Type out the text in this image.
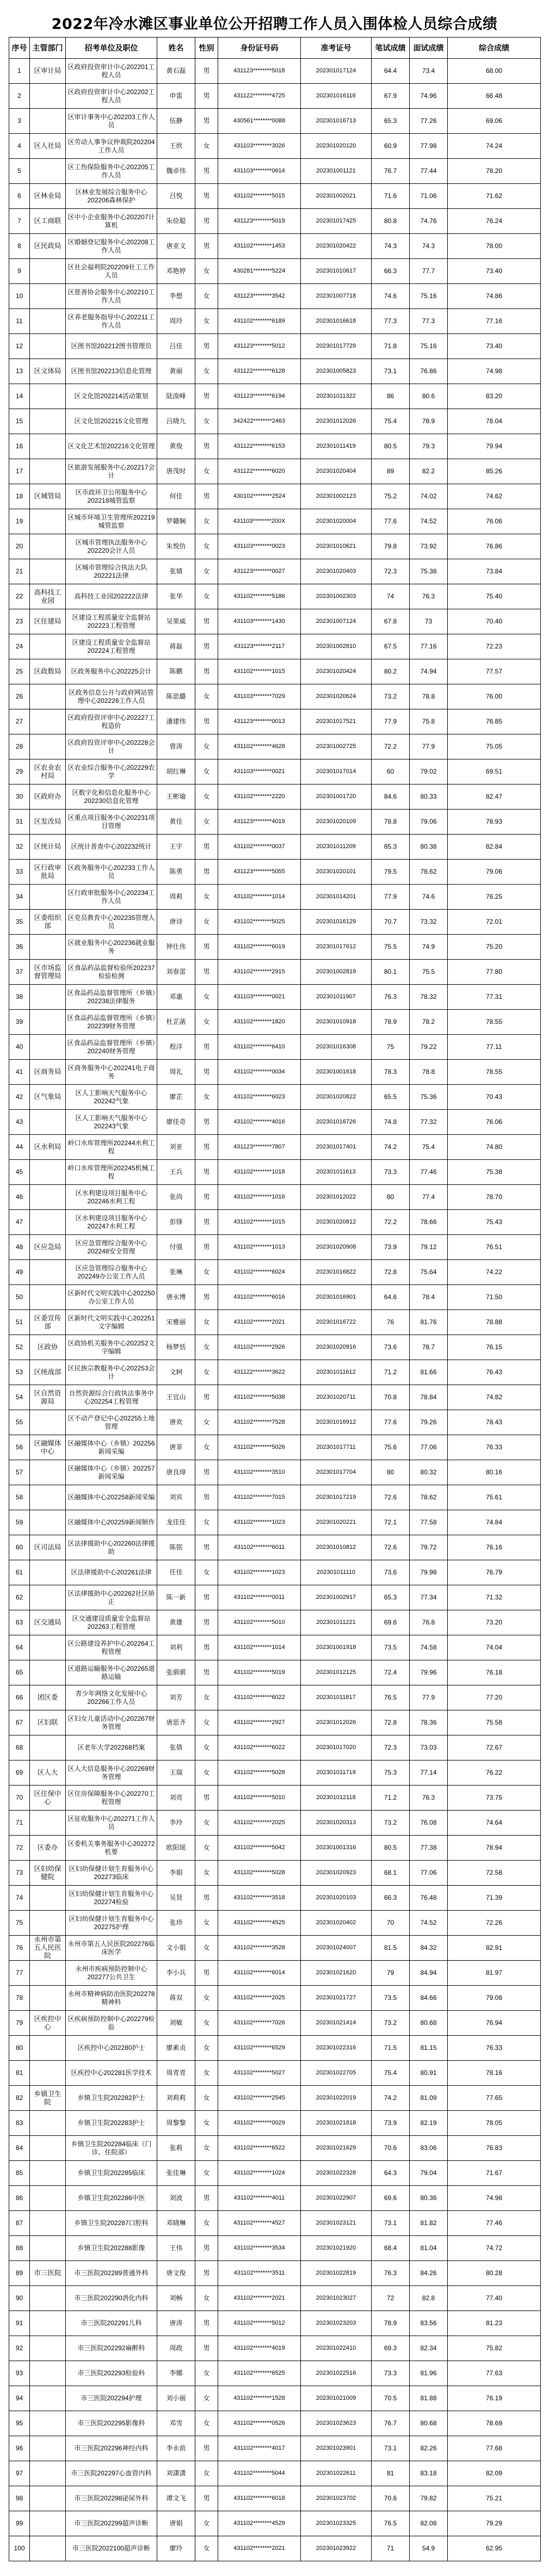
2022年冷水滩区事业单位公开招聘工作人员入围体检人员综合成绩
序号	主管部门	招考单位及职位	姓名	性别	身份证号码	准考证号	笔试成绩	面试成绩	综合成绩
1	区审计局	区政府投资审计中心202201工程人员	黄石磊	男	431123********5018	202301017124	64.4	73.4	68.00
2		区政府投资审计中心202202工程人员	申雷	男	431122********4725	202301016116	67.9	74.96	66.48
3		区审计事务中心202203工作人员	伍静	男	430561********0088	202301016713	65.3	77.26	69.06
4	区人社局	区劳动人事争议仲裁院202204工作人员	王欣	女	431103********3026	202301020120	60.9	77.98	74.24
5		区工伤保险服务中心202205工作人员	魏卓伟	男	431103********0614	202301001121	76.7	77.44	78.20
6	区林业局	区林业发展综合服务中心202206森林保护	吕悦	男	431102********5015	202301002021	71.6	71.06	71.62
7	区工商联	区中小企业服务中心202207计算机	朱俭聪	男	431123********5019	202301017425	80.8	74.76	76.24
8	区民政局	区婚姻登记服务中心202208工作人员	唐亚文	男	431102********1453	202301020422	74.3	74.3	78.00
9		区社会福利院202209社工工作人员	邓艳婷	女	430281********5224	202301010617	66.3	77.7	73.40
10		区慈善协会服务中心202210工作人员	李想	女	431123********3542	202301007718	74.6	75.16	74.86
11		区养老服务指导中心202211工作人员	周玲	女	431102********6189	202301016618	77.3	77.3	77.16
12		区图书馆202212图书管理员	吕佳	男	431123********5012	202301017729	71.8	75.16	73.40
13	区文体局	区图书馆202213信息化管理	黄丽	女	431122********6128	202301005823	73.1	76.86	74.98
14		区文化馆202214活动策划	陆浚峰	男	431123********6194	202301011322	86	80.6	83.20
15		区文化馆202215文化管理	吕晓九	女	342422********2463	202301012026	75.4	78.9	78.04
16		区文化艺术馆202216文化管理	黄俊	男	431122********6153	202301011419	80.5	79.3	79.94
17		区旅游发展服务中心202217会计	唐茂时	女	431122********6020	202301020404	89	82.2	85.26
18	区城管局	区市政环卫公用服务中心202218城管监察	何佳	男	430102********2524	202301002123	75.2	74.02	74.62
19		区城市环境卫生管理所202219城管监察	罗赣娴	女	431103********200X	202301020004	77.6	74.52	76.06
20		区城市管理执法服务中心202220会计人员	朱悦仿	女	431103********0023	202301010621	79.8	73.92	76.86
21		区城市管理综合执法大队202221法律	张婧	女	431123********0027	202301020403	72.3	75.38	73.84
22	高科技工业园	高科技工业园202222法律	张华	女	431102********5186	202301002303	74	76.3	75.40
23	区住建局	区建设工程质量安全监督站202223工程管理	吴果威	男	431103********1430	202301007124	67.8	73	70.40
24		区建设工程质量安全监督站202224工程管理	蒋磊	男	431123********2117	202301002810	67.5	77.16	72.23
25	区政数局	区政务服务中心202225会计	陈鹏	男	431102********1015	202301020424	80.2	74.94	77.57
26		区政务信息公开与政府网站管理中心202226工作人员	陈思璐	女	431103********7029	202301020624	73.2	78.8	76.00
27		区政府投资评审中心202227工程造价	潘建伟	男	431123********0013	202301017521	77.9	75.8	76.85
28		区政府投资评审中心202228会计	曾涛	女	431102********4628	202301002725	72.2	77.9	75.05
29	区农业农村局	区农业综合服务中心202229农学	胡红琳	女	431103********0021	202301017014	60	79.02	69.51
30	区政府办	区数字化和信息化服务中心202230信息化管理	王彬瑜	女	431102********2220	202301001720	84.6	80.33	82.47
31	区发改局	区重点项目服务中心202231项目管理	黄佳	女	431123********4019	202301020109	78.8	79.06	78.93
32	区统计局	区统计普查中心202232统计	王宇	男	431102********0037	202301011209	85.3	80.38	82.84
33	区行政审批局	区政务服务中心202233工作人员	陈勇	男	431123********5055	202301020101	79.5	78.62	79.06
34		区行政审批服务中心202234工作人员	周莉	女	431102********1014	202301014201	77.9	74.6	76.25
35	区委组织部	区党员教育中心202235管理人员	唐诗	女	431102********5025	202301016129	70.7	73.32	72.01
36		区就业服务中心202236就业服务	钟仕伟	男	431102********6019	202301017612	75.5	74.9	75.20
37	区市场监督管理局	区食品药品监督检验所202237检验检测	刘春雷	男	431102********2915	202301002819	80.1	75.5	77.80
38		区食品药品监督管理所（乡镇）202238法律服务	邓惠	女	431103********0021	202301011907	76.3	78.32	77.31
39		区食品药品监督管理所（乡镇）202239财务管理	杜芷菡	女	431102********1820	202301010918	78.9	78.2	78.55
40		区食品药品监督管理所（乡镇）202240财务管理	程洋	男	431102********6410	202301016308	75	79.22	77.11
41	区商务局	区商务服务中心202241电子商务	周礼	男	431102********0034	202301001618	78.3	78.8	78.55
42	区气象局	区人工影响天气服务中心202242气象	廖芷	女	431102********6023	202301020822	65.5	75.36	70.43
43		区人工影响天气服务中心202243气象	廖佳奇	男	431102********4016	202301016726	74.8	77.32	76.06
44	区水利局	岭口水库管理所202244水利工程	刘亚	男	431123********7807	202301017401	74.2	75.4	74.80
45		岭口水库管理所202245机械工程	王兵	男	431102********1018	202301011613	73.3	77.46	75.38
46		区水利建设项目服务中心202246水利工程	张尚	男	431102********1016	202301012022	80	77.4	78.70
47		区水利建设项目服务中心202247水利工程	彭锋	男	431102********1015	202301020812	72.2	78.66	75.43
48	区应急局	区应急管理综合服务中心202248安全管理	付强	男	431102********1013	202301020908	73.9	79.12	76.51
49		区应急管理综合服务中心202249办公室工作人员	张琳	女	431102********6024	202301016822	72.8	75.64	74.22
50		区新时代文明实践中心202250办公室工作人员	唐永博	男	431102********6016	202301016901	64.6	78.4	71.50
51	区委宣传部	区新时代文明实践中心202251文字编辑	宋雅丽	女	431102********2021	202301016722	76	81.76	78.88
52	区政协	区政协机关服务中心202252文字编辑	杨梦恬	女	431102********2926	202301020916	73.6	78.7	76.15
53	区统战部	区民族宗教服务中心202253会计	文轲	女	431122********3622	202301011612	71.2	81.66	76.43
54	区自然资源局	自然资源综合行政执法事务中心202254工程管理	王宜山	男	431102********5038	202301020711	70.8	78.84	74.82
55		区不动产登记中心202255土地管理	唐欢	女	431102********7528	202301016912	77.6	79.26	78.43
56	区融媒体中心	区融媒体中心（乡镇）202256新闻采编	唐菲	女	431102********5026	202301017711	75.6	77.06	76.33
57		区融媒体中心（乡镇）202257新闻采编	唐良璋	男	431102********3510	202301017704	80	80.32	80.16
58		区融媒体中心202258新闻采编	刘宾	男	431102********7015	202301017219	72.6	78.62	75.61
59		区融媒体中心202259新闻制作	龙佳佳	女	431102********1023	202301020221	72.1	77.58	74.84
60	区司法局	区法律援助中心202260法律援助	陈铭	男	431102********6011	202301010812	72.6	79.72	76.16
61		区法律援助中心202261法律	任佳	女	431102********1023	202301011110	73.6	79.98	76.79
62		区法律援助中心202262社区矫正	陈一新	男	431102********0011	202301002917	65.3	77.34	71.32
63	区交通局	区交通建设质量安全监督站202263工程管理	黄雄	男	431102********5010	202301011221	69.6	76.8	73.20
64		区公路建设养护中心202264工程管理	刘利	男	431102********1014	202301001918	73.5	74.58	74.04
65		区道路运输服务中心202265道路运输	张驯驯	男	431102********5019	202301012125	72.4	79.96	76.18
66	团区委	青少年网络文化发展中心202266工作人员	刘芳	女	431102********6022	202301011817	76.5	77.9	77.20
67	区妇联	区妇女儿童活动中心202267财务管理	唐思齐	女	431102********2927	202301012026	72.8	78.36	75.58
68		区老年大学202268档案	张倩	女	431102********6022	202301017020	72.3	73.03	72.67
69	区人大	区人大信息服务中心202269财务管理	王瑞	女	431102********5028	202301011719	75.3	77.14	76.22
70	区住保中心	区住房保障服务中心202270工程管理	刘亮	男	431102********5010	202301012118	71.2	76.3	73.75
71		区征收服务中心202271工作人员	李玲	女	431102********2025	202301020313	73.2	76.08	74.64
72	区委办	区委机关事务服务中心202272机要	欧阳瑶	女	431102********5042	202301001316	80.5	77.38	78.94
73	区妇幼保健院	区妇幼保健计划生育服务中心202273临床	李娟	女	431102********5028	202301020923	68.1	77.06	72.58
74		区妇幼保健计划生育服务中心202274检验	吴贤	男	431102********3518	202301020103	66.3	76.48	71.39
75		区妇幼保健计划生育服务中心202275护理	张珍	女	431102********4525	202301020402	70	74.52	72.26
76	永州市第五人民医院	永州市第五人民医院202276临床医学	文小娟	女	431102********3528	202301024007	81.5	84.32	82.91
77		永州市疾病预防控制中心202277公共卫生	李小兵	男	431102********6014	202301021620	79	84.94	81.97
78		永州市精神病防治医院202278精神科	蒋双	女	431102********2025	202301021727	73.5	84.66	79.08
79	区疾控中心	区疾病预防控制中心202279检验	刘敏	女	431102********7026	202301021414	73.2	80.68	76.94
80		区疾控中心202280护士	廖素贞	女	431102********6529	202301022316	71.5	81.15	76.33
81		区疾控中心202281医学技术	周青青	女	431102********5027	202301022705	75.4	80.91	78.16
82	乡镇卫生院	乡镇卫生院202282护士	刘莉莉	女	431102********2545	202301022019	74.2	81.09	77.65
83		乡镇卫生院202283护士	周黎黎	女	431102********0029	202301021818	73.9	82.19	78.05
84		乡镇卫生院202284临床（门诊、住院部）	张莉	女	431102********6522	202301021629	70.6	83.06	76.83
85		乡镇卫生院202285临床	张佳琳	女	431102********1024	202301022328	64.3	79.04	71.67
86		乡镇卫生院202286中医	刘波	男	431102********4011	202301022907	69.6	80.36	74.98
87		乡镇卫生院202287口腔科	邓晓琳	女	431102********4527	202301023121	73.1	81.82	77.46
88		乡镇卫生院202288影像	王伟	男	431102********3534	202301021920	68.4	81.04	74.72
89	市三医院	市三医院202289普通外科	唐文俊	男	431102********3511	202301022819	76.3	84.26	80.28
90		市三医院202290消化内科	刘畅	女	431102********2021	202301023027	72	82.8	77.40
91		市三医院202291儿科	唐涛	男	431102********5012	202301023203	78.9	83.56	81.23
92		市三医院202292麻醉科	周政	男	431102********4019	202301022410	69.3	82.34	75.82
93		市三医院202293检验科	李娜	女	431102********6525	202301022516	73.3	81.96	77.63
94		市三医院202294护理	刘小丽	女	431102********1528	202301021009	70.5	81.88	76.19
95		市三医院202295影像科	邓雪	女	431102********0526	202301023623	76.7	80.68	78.69
96		市三医院202296神经内科	李永前	男	431102********4017	202301023901	73.1	82.26	77.68
97		市三医院202297心血管内科	刘潇潇	女	431102********5044	202301022611	81	83.18	82.09
98		市三医院202298泌尿外科	谭文飞	男	431102********6018	202301023702	70.6	79.82	75.21
99		市三医院202299超声诊断	唐娟	女	431102********4529	202301023325	76.5	82.08	79.29
100		市三医院2022100超声诊断	廖玲	女	431102********2021	202301023922	71	54.9	62.95
